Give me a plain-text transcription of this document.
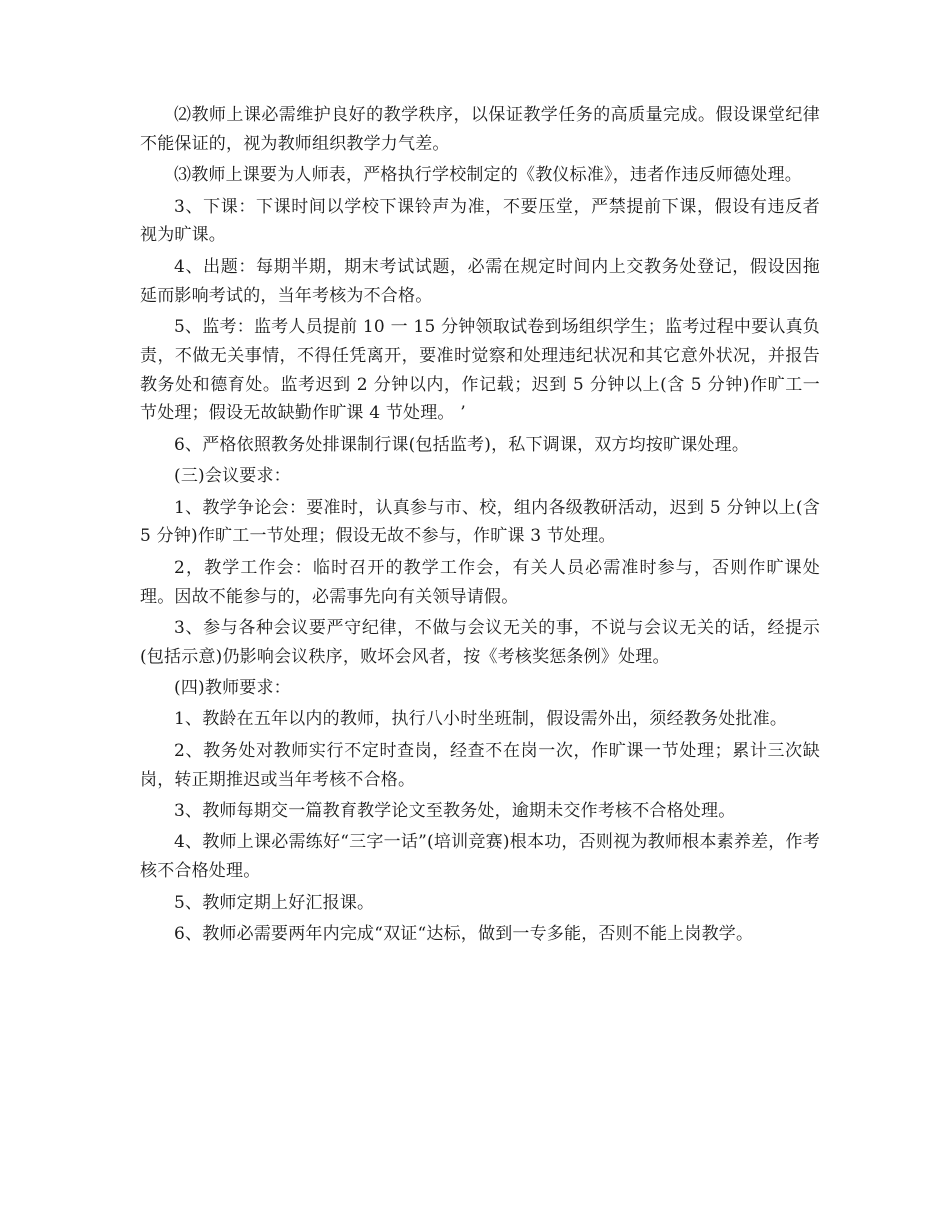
⑵教师上课必需维护良好的教学秩序，以保证教学任务的高质量完成。假设课堂纪律不能保证的，视为教师组织教学力气差。

⑶教师上课要为人师表，严格执行学校制定的《教仪标准》，违者作违反师德处理。

3、下课：下课时间以学校下课铃声为准，不要压堂，严禁提前下课，假设有违反者视为旷课。

4、出题：每期半期，期末考试试题，必需在规定时间内上交教务处登记，假设因拖延而影响考试的，当年考核为不合格。

5、监考：监考人员提前 10 一 15 分钟领取试卷到场组织学生；监考过程中要认真负责，不做无关事情，不得任凭离开，要准时觉察和处理违纪状况和其它意外状况，并报告教务处和德育处。监考迟到 2 分钟以内，作记载；迟到 5 分钟以上(含 5 分钟)作旷工一节处理；假设无故缺勤作旷课 4 节处理。 ’

6、严格依照教务处排课制行课(包括监考)，私下调课，双方均按旷课处理。

(三)会议要求：

1、教学争论会：要准时，认真参与市、校，组内各级教研活动，迟到 5 分钟以上(含 5 分钟)作旷工一节处理；假设无故不参与，作旷课 3 节处理。

2，教学工作会：临时召开的教学工作会，有关人员必需准时参与，否则作旷课处理。因故不能参与的，必需事先向有关领导请假。

3、参与各种会议要严守纪律，不做与会议无关的事，不说与会议无关的话，经提示(包括示意)仍影响会议秩序，败坏会风者，按《考核奖惩条例》处理。

(四)教师要求：

1、教龄在五年以内的教师，执行八小时坐班制，假设需外出，须经教务处批准。

2、教务处对教师实行不定时查岗，经查不在岗一次，作旷课一节处理；累计三次缺岗，转正期推迟或当年考核不合格。

3、教师每期交一篇教育教学论文至教务处，逾期未交作考核不合格处理。

4、教师上课必需练好“三字一话”(培训竞赛)根本功，否则视为教师根本素养差，作考核不合格处理。

5、教师定期上好汇报课。

6、教师必需要两年内完成“双证“达标，做到一专多能，否则不能上岗教学。
